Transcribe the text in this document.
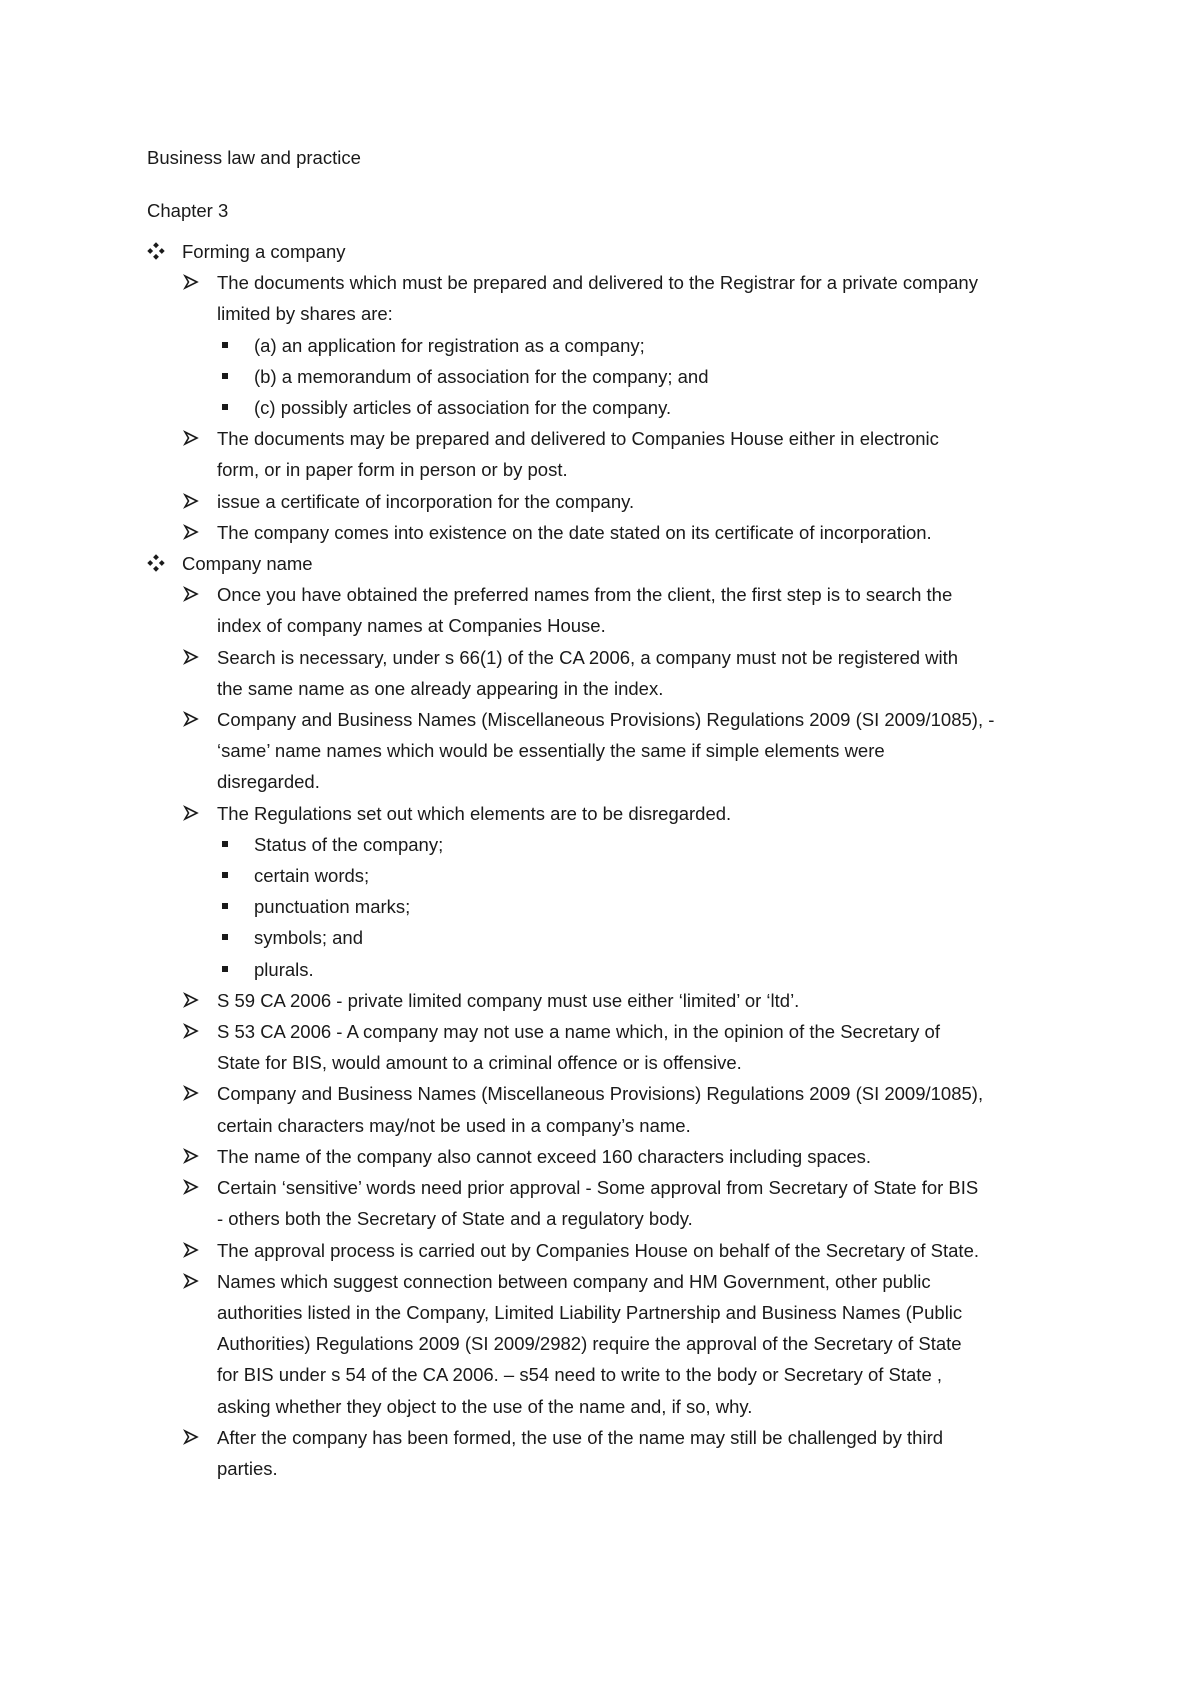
Business law and practice
Chapter 3
Forming a company
The documents which must be prepared and delivered to the Registrar for a private company
limited by shares are:
(a) an application for registration as a company;
(b) a memorandum of association for the company; and
(c) possibly articles of association for the company.
The documents may be prepared and delivered to Companies House either in electronic
form, or in paper form in person or by post.
issue a certificate of incorporation for the company.
The company comes into existence on the date stated on its certificate of incorporation.
Company name
Once you have obtained the preferred names from the client, the first step is to search the
index of company names at Companies House.
Search is necessary, under s 66(1) of the CA 2006, a company must not be registered with
the same name as one already appearing in the index.
Company and Business Names (Miscellaneous Provisions) Regulations 2009 (SI 2009/1085), -
‘same’ name names which would be essentially the same if simple elements were
disregarded.
The Regulations set out which elements are to be disregarded.
Status of the company;
certain words;
punctuation marks;
symbols; and
plurals.
S 59 CA 2006 - private limited company must use either ‘limited’ or ‘ltd’.
S 53 CA 2006 - A company may not use a name which, in the opinion of the Secretary of
State for BIS, would amount to a criminal offence or is offensive.
Company and Business Names (Miscellaneous Provisions) Regulations 2009 (SI 2009/1085),
certain characters may/not be used in a company’s name.
The name of the company also cannot exceed 160 characters including spaces.
Certain ‘sensitive’ words need prior approval - Some approval from Secretary of State for BIS
- others both the Secretary of State and a regulatory body.
The approval process is carried out by Companies House on behalf of the Secretary of State.
Names which suggest connection between company and HM Government, other public
authorities listed in the Company, Limited Liability Partnership and Business Names (Public
Authorities) Regulations 2009 (SI 2009/2982) require the approval of the Secretary of State
for BIS under s 54 of the CA 2006. – s54 need to write to the body or Secretary of State ,
asking whether they object to the use of the name and, if so, why.
After the company has been formed, the use of the name may still be challenged by third
parties.
